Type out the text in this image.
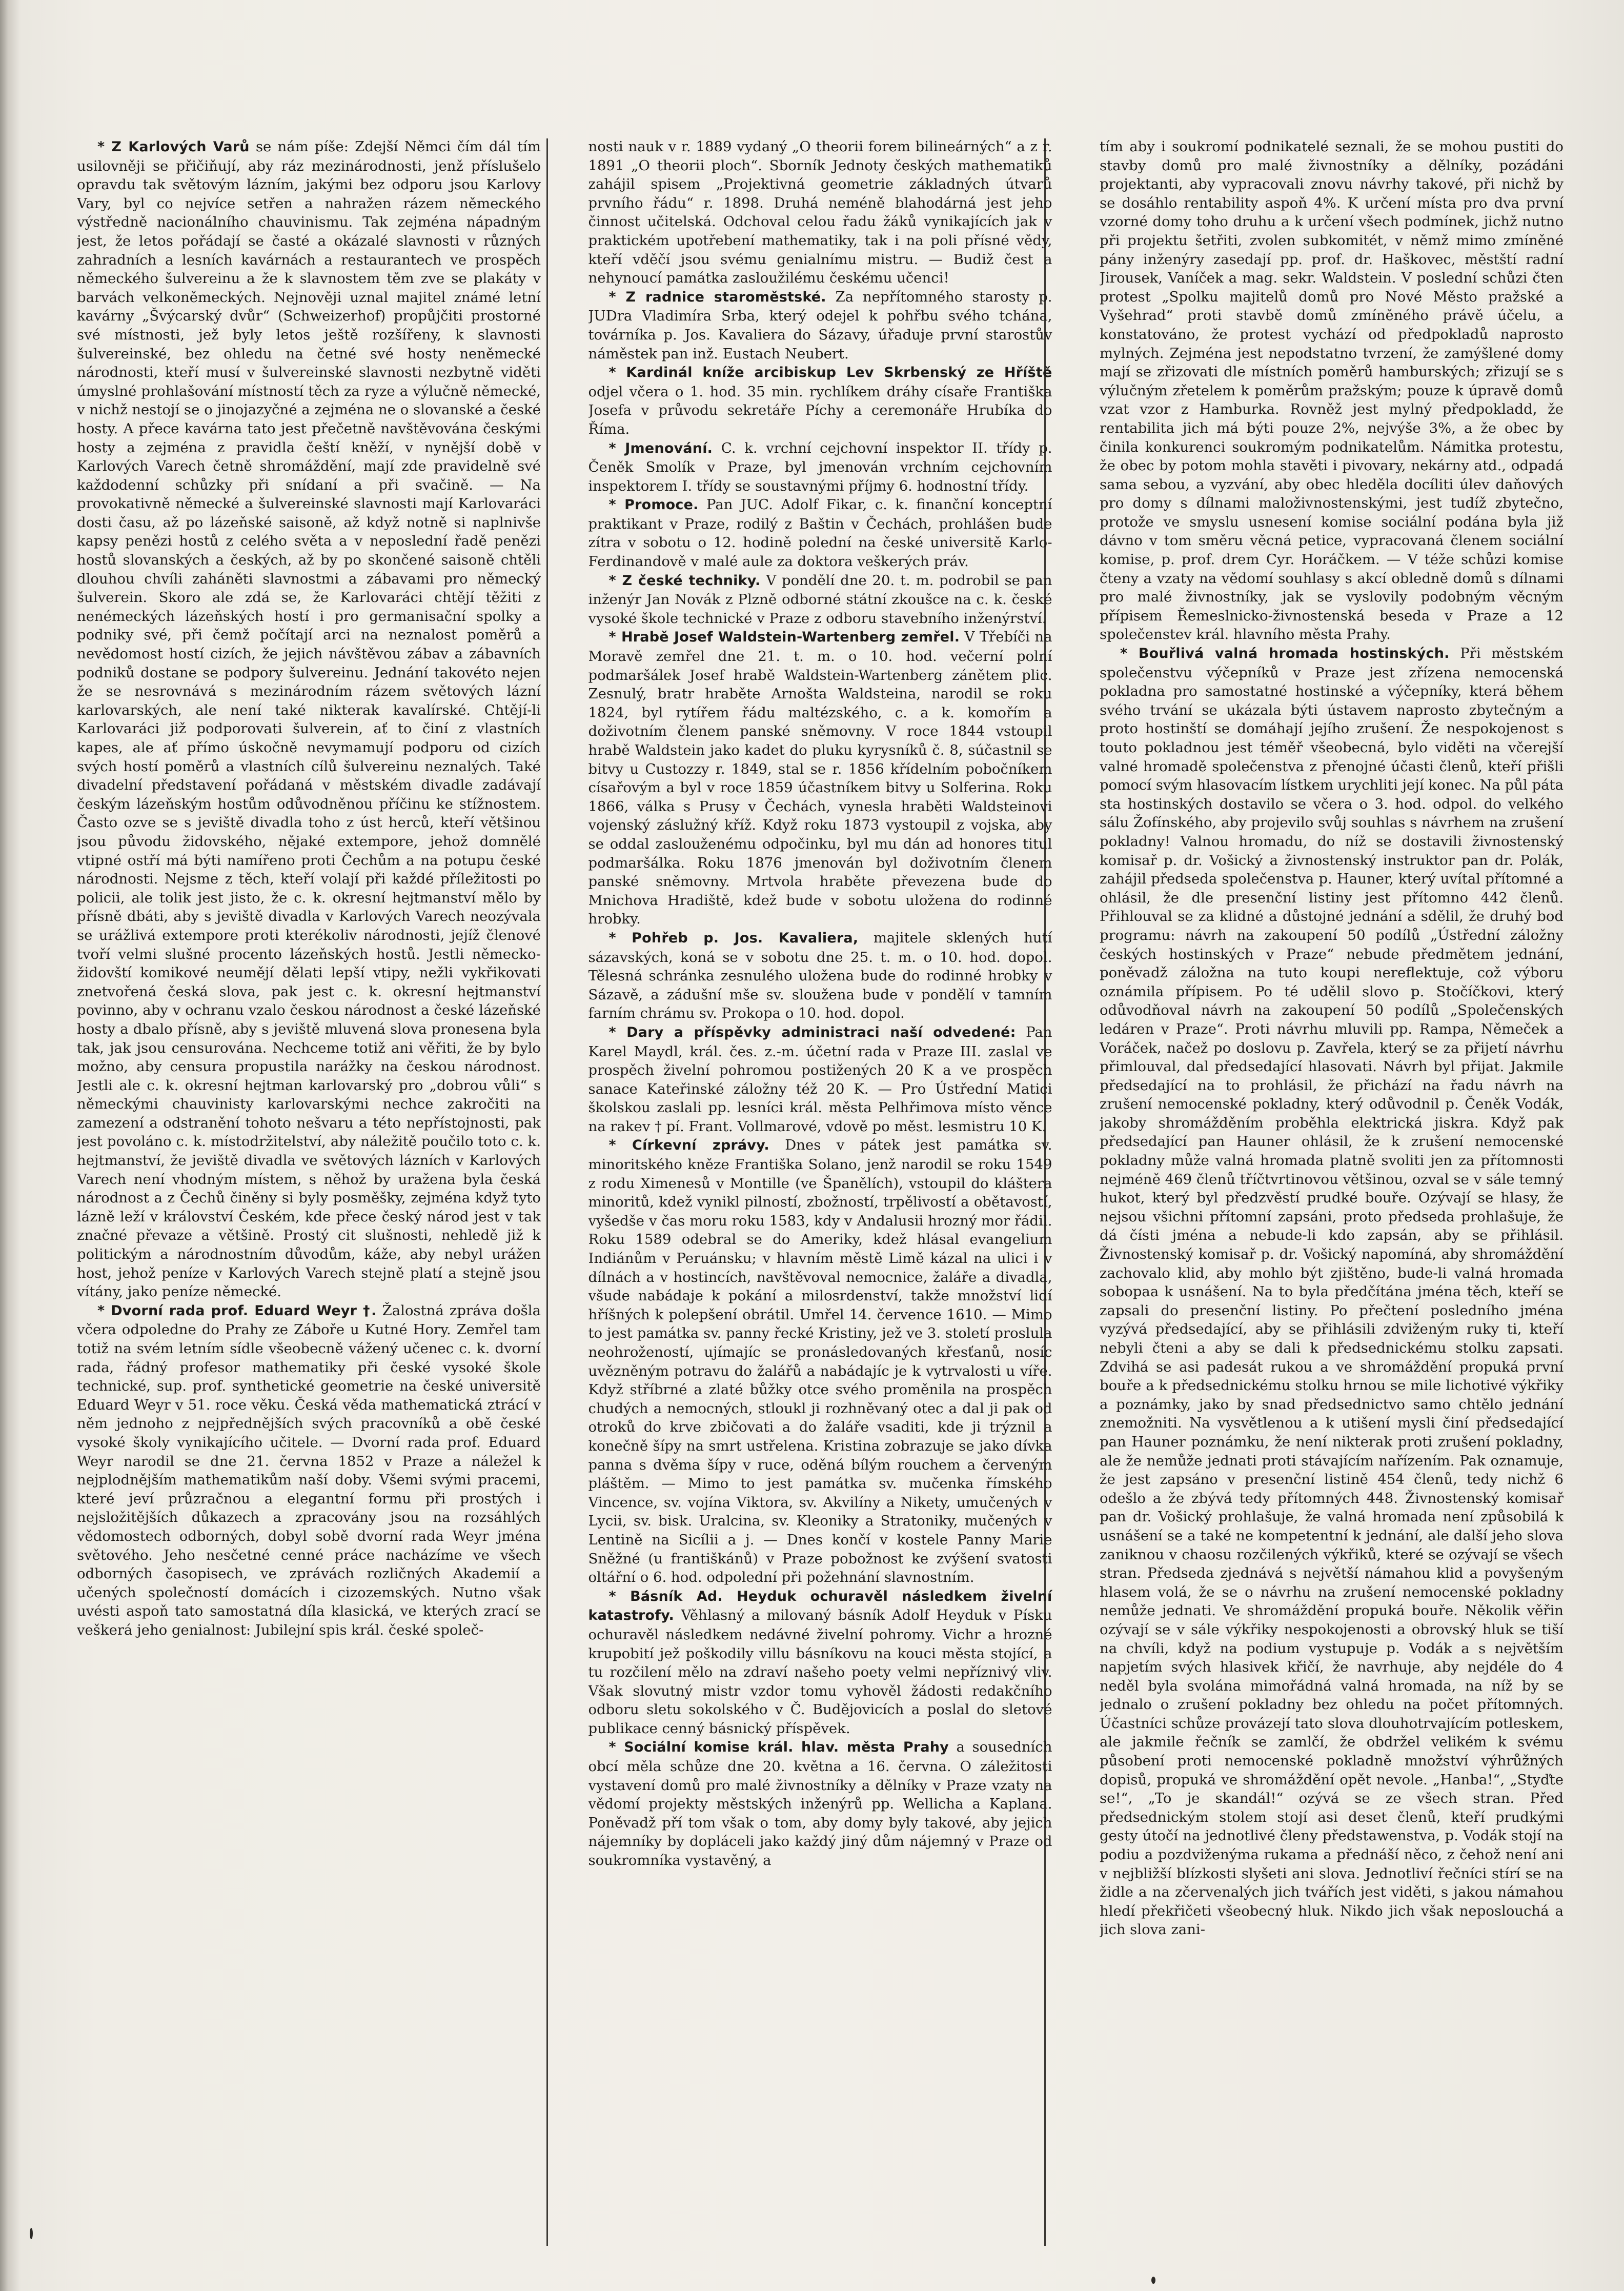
* Z Karlových Varů se nám píše: Zdejší Němci čím dál tím usilovněji se přičiňují, aby ráz mezinárodnosti, jenž příslušelo opravdu tak světovým lázním, jakými bez odporu jsou Karlovy Vary, byl co nejvíce setřen a nahražen rázem německého výstředně nacionálního chauvinismu. Tak zejména nápadným jest, že letos pořádají se časté a okázalé slavnosti v různých zahradních a lesních kavárnách a restaurantech ve prospěch německého šulvereinu a že k slavnostem těm zve se plakáty v barvách velkoněmeckých. Nejnověji uznal majitel známé letní kavárny „Švýcarský dvůr“ (Schweizerhof) propůjčiti prostorné své místnosti, jež byly letos ještě rozšířeny, k slavnosti šulvereinské, bez ohledu na četné své hosty neněmecké národnosti, kteří musí v šulvereinské slavnosti nezbytně viděti úmyslné prohlašování místností těch za ryze a výlučně německé, v nichž nestojí se o jinojazyčné a zejména ne o slovanské a české hosty. A přece kavárna tato jest přečetně navštěvována českými hosty a zejména z pravidla čeští kněží, v nynější době v Karlových Varech četně shromáždění, mají zde pravidelně své každodenní schůzky při snídaní a při svačině. — Na provokativně německé a šulvereinské slavnosti mají Karlovaráci dosti času, až po lázeňské saisoně, až když notně si naplnivše kapsy penězi hostů z celého světa a v neposlední řadě penězi hostů slovanských a českých, až by po skončené saisoně chtěli dlouhou chvíli zaháněti slavnostmi a zábavami pro německý šulverein. Skoro ale zdá se, že Karlovaráci chtějí těžiti z nenémeckých lázeňských hostí i pro germanisační spolky a podniky své, při čemž počítají arci na neznalost poměrů a nevědomost hostí cizích, že jejich návštěvou zábav a zábavních podniků dostane se podpory šulvereinu. Jednání takovéto nejen že se nesrovnává s mezinárodním rázem světových lázní karlovarských, ale není také nikterak kavalírské. Chtějí-li Karlovaráci již podporovati šulverein, ať to činí z vlastních kapes, ale ať přímo úskočně nevymamují podporu od cizích svých hostí poměrů a vlastních cílů šulvereinu neznalých. Také divadelní představení pořádaná v městském divadle zadávají českým lázeňským hostům odůvodněnou příčinu ke stížnostem. Často ozve se s jeviště divadla toho z úst herců, kteří většinou jsou původu židovského, nějaké extempore, jehož domnělé vtipné ostří má býti namířeno proti Čechům a na potupu české národnosti. Nejsme z těch, kteří volají při každé příležitosti po policii, ale tolik jest jisto, že c. k. okresní hejtmanství mělo by přísně dbáti, aby s jeviště divadla v Karlových Varech neozývala se urážlivá extempore proti kterékoliv národnosti, jejíž členové tvoří velmi slušné procento lázeňských hostů. Jestli německo-židovští komikové neumějí dělati lepší vtipy, nežli vykřikovati znetvořená česká slova, pak jest c. k. okresní hejtmanství povinno, aby v ochranu vzalo českou národnost a české lázeňské hosty a dbalo přísně, aby s jeviště mluvená slova pronesena byla tak, jak jsou censurována. Nechceme totiž ani věřiti, že by bylo možno, aby censura propustila narážky na českou národnost. Jestli ale c. k. okresní hejtman karlovarský pro „dobrou vůli“ s německými chauvinisty karlovarskými nechce zakročiti na zamezení a odstranění tohoto nešvaru a této nepřístojnosti, pak jest povoláno c. k. místodržitelství, aby náležitě poučilo toto c. k. hejtmanství, že jeviště divadla ve světových lázních v Karlových Varech není vhodným místem, s něhož by uražena byla česká národnost a z Čechů činěny si byly posměšky, zejména když tyto lázně leží v království Českém, kde přece český národ jest v tak značné převaze a většině. Prostý cit slušnosti, nehledě již k politickým a národnostním důvodům, káže, aby nebyl urážen host, jehož peníze v Karlových Varech stejně platí a stejně jsou vítány, jako peníze německé.

* Dvorní rada prof. Eduard Weyr †. Žalostná zpráva došla včera odpoledne do Prahy ze Záboře u Kutné Hory. Zemřel tam totiž na svém letním sídle všeobecně vážený učenec c. k. dvorní rada, řádný profesor mathematiky při české vysoké škole technické, sup. prof. synthetické geometrie na české universitě Eduard Weyr v 51. roce věku. Česká věda mathematická ztrácí v něm jednoho z nejpřednějších svých pracovníků a obě české vysoké školy vynikajícího učitele. — Dvorní rada prof. Eduard Weyr narodil se dne 21. června 1852 v Praze a náležel k nejplodnějším mathematikům naší doby. Všemi svými pracemi, které jeví průzračnou a elegantní formu při prostých i nejsložitějších důkazech a zpracovány jsou na rozsáhlých vědomostech odborných, dobyl sobě dvorní rada Weyr jména světového. Jeho nesčetné cenné práce nacházíme ve všech odborných časopisech, ve zprávách rozličných Akademií a učených společností domácích i cizozemských. Nutno však uvésti aspoň tato samostatná díla klasická, ve kterých zrací se veškerá jeho genialnost: Jubilejní spis král. české společ-

nosti nauk v r. 1889 vydaný „O theorii forem bilineárných“ a z r. 1891 „O theorii ploch“. Sborník Jednoty českých mathematiků zahájil spisem „Projektivná geometrie základných útvarů prvního řádu“ r. 1898. Druhá neméně blahodárná jest jeho činnost učitelská. Odchoval celou řadu žáků vynikajících jak v praktickém upotřebení mathematiky, tak i na poli přísné vědy, kteří vděčí jsou svému genialnímu mistru. — Budiž čest a nehynoucí památka zasloužilému českému učenci!

* Z radnice staroměstské. Za nepřítomného starosty p. JUDra Vladimíra Srba, který odejel k pohřbu svého tchána, továrníka p. Jos. Kavaliera do Sázavy, úřaduje první starostův náměstek pan inž. Eustach Neubert.

* Kardinál kníže arcibiskup Lev Skrbenský ze Hříště odjel včera o 1. hod. 35 min. rychlíkem dráhy císaře Františka Josefa v průvodu sekretáře Píchy a ceremonáře Hrubíka do Říma.

* Jmenování. C. k. vrchní cejchovní inspektor II. třídy p. Čeněk Smolík v Praze, byl jmenován vrchním cejchovním inspektorem I. třídy se soustavnými příjmy 6. hodnostní třídy.

* Promoce. Pan JUC. Adolf Fikar, c. k. finanční konceptní praktikant v Praze, rodilý z Baštin v Čechách, prohlášen bude zítra v sobotu o 12. hodině polední na české universitě Karlo-Ferdinandově v malé aule za doktora veškerých práv.

* Z české techniky. V pondělí dne 20. t. m. podrobil se pan inženýr Jan Novák z Plzně odborné státní zkoušce na c. k. české vysoké škole technické v Praze z odboru stavebního inženýrství.

* Hrabě Josef Waldstein-Wartenberg zemřel. V Třebíči na Moravě zemřel dne 21. t. m. o 10. hod. večerní polní podmaršálek Josef hrabě Waldstein-Wartenberg zánětem plic. Zesnulý, bratr hraběte Arnošta Waldsteina, narodil se roku 1824, byl rytířem řádu maltézského, c. a k. komořím a doživotním členem panské sněmovny. V roce 1844 vstoupil hrabě Waldstein jako kadet do pluku kyrysníků č. 8, súčastnil se bitvy u Custozzy r. 1849, stal se r. 1856 křídelním pobočníkem císařovým a byl v roce 1859 účastníkem bitvy u Solferina. Roku 1866, válka s Prusy v Čechách, vynesla hraběti Waldsteinovi vojenský záslužný kříž. Když roku 1873 vystoupil z vojska, aby se oddal zaslouženému odpočinku, byl mu dán ad honores titul podmaršálka. Roku 1876 jmenován byl doživotním členem panské sněmovny. Mrtvola hraběte převezena bude do Mnichova Hradiště, kdež bude v sobotu uložena do rodinné hrobky.

* Pohřeb p. Jos. Kavaliera, majitele sklených hutí sázavských, koná se v sobotu dne 25. t. m. o 10. hod. dopol. Tělesná schránka zesnulého uložena bude do rodinné hrobky v Sázavě, a zádušní mše sv. sloužena bude v pondělí v tamním farním chrámu sv. Prokopa o 10. hod. dopol.

* Dary a příspěvky administraci naší odvedené: Pan Karel Maydl, král. čes. z.-m. účetní rada v Praze III. zaslal ve prospěch živelní pohromou postižených 20 K a ve prospěch sanace Kateřinské záložny též 20 K. — Pro Ústřední Matici školskou zaslali pp. lesníci král. města Pelhřimova místo věnce na rakev † pí. Frant. Vollmarové, vdově po měst. lesmistru 10 K.

* Církevní zprávy. Dnes v pátek jest památka sv. minoritského kněze Františka Solano, jenž narodil se roku 1549 z rodu Ximenesů v Montille (ve Španělích), vstoupil do kláštera minoritů, kdež vynikl pilností, zbožností, trpělivostí a obětavostí, vyšedše v čas moru roku 1583, kdy v Andalusii hrozný mor řádil. Roku 1589 odebral se do Ameriky, kdež hlásal evangelium Indiánům v Peruánsku; v hlavním městě Limě kázal na ulici i v dílnách a v hostincích, navštěvoval nemocnice, žaláře a divadla, všude nabádaje k pokání a milosrdenství, takže množství lidí hříšných k polepšení obrátil. Umřel 14. července 1610. — Mimo to jest památka sv. panny řecké Kristiny, jež ve 3. století proslula neohrožeností, ujímajíc se pronásledovaných křesťanů, nosíc uvězněným potravu do žalářů a nabádajíc je k vytrvalosti u víře. Když stříbrné a zlaté bůžky otce svého proměnila na prospěch chudých a nemocných, stloukl ji rozhněvaný otec a dal ji pak od otroků do krve zbičovati a do žaláře vsaditi, kde ji trýznil a konečně šípy na smrt ustřelena. Kristina zobrazuje se jako dívka panna s dvěma šípy v ruce, oděná bílým rouchem a červeným pláštěm. — Mimo to jest památka sv. mučenka římského Vincence, sv. vojína Viktora, sv. Akvilíny a Nikety, umučených v Lycii, sv. bisk. Uralcina, sv. Kleoniky a Stratoniky, mučených v Lentině na Sicílii a j. — Dnes končí v kostele Panny Marie Sněžné (u františkánů) v Praze pobožnost ke zvýšení svatosti oltářní o 6. hod. odpolední při požehnání slavnostním.

* Básník Ad. Heyduk ochuravěl následkem živelní katastrofy. Věhlasný a milovaný básník Adolf Heyduk v Písku ochuravěl následkem nedávné živelní pohromy. Vichr a hrozné krupobití jež poškodily villu básníkovu na kouci města stojící, a tu rozčilení mělo na zdraví našeho poety velmi nepříznivý vliv. Však slovutný mistr vzdor tomu vyhověl žádosti redakčního odboru sletu sokolského v Č. Budějovicích a poslal do sletové publikace cenný básnický příspěvek.

* Sociální komise král. hlav. města Prahy a sousedních obcí měla schůze dne 20. května a 16. června. O záležitosti vystavení domů pro malé živnostníky a dělníky v Praze vzaty na vědomí projekty městských inženýrů pp. Wellicha a Kaplana. Poněvadž pří tom však o tom, aby domy byly takové, aby jejich nájemníky by dopláceli jako každý jiný dům nájemný v Praze od soukromníka vystavěný, a

tím aby i soukromí podnikatelé seznali, že se mohou pustiti do stavby domů pro malé živnostníky a dělníky, pozádáni projektanti, aby vypracovali znovu návrhy takové, při nichž by se dosáhlo rentability aspoň 4%. K určení místa pro dva první vzorné domy toho druhu a k určení všech podmínek, jichž nutno při projektu šetřiti, zvolen subkomitét, v němž mimo zmíněné pány inženýry zasedají pp. prof. dr. Haškovec, městští radní Jirousek, Vaníček a mag. sekr. Waldstein. V poslední schůzi čten protest „Spolku majitelů domů pro Nové Město pražské a Vyšehrad“ proti stavbě domů zmíněného právě účelu, a konstatováno, že protest vychází od předpokladů naprosto mylných. Zejména jest nepodstatno tvrzení, že zamýšlené domy mají se zřizovati dle místních poměrů hamburských; zřizují se s výlučným zřetelem k poměrům pražským; pouze k úpravě domů vzat vzor z Hamburka. Rovněž jest mylný předpokladd, že rentabilita jich má býti pouze 2%, nejvýše 3%, a že obec by činila konkurenci soukromým podnikatelům. Námitka protestu, že obec by potom mohla stavěti i pivovary, nekárny atd., odpadá sama sebou, a vyzvání, aby obec hleděla docíliti úlev daňových pro domy s dílnami maloživnostenskými, jest tudíž zbytečno, protože ve smyslu usnesení komise sociální podána byla již dávno v tom směru věcná petice, vypracovaná členem sociální komise, p. prof. drem Cyr. Horáčkem. — V téže schůzi komise čteny a vzaty na vědomí souhlasy s akcí obledně domů s dílnami pro malé živnostníky, jak se vyslovily podobným věcným přípisem Řemeslnicko-živnostenská beseda v Praze a 12 společenstev král. hlavního města Prahy.

* Bouřlivá valná hromada hostinských. Při městském společenstvu výčepníků v Praze jest zřízena nemocenská pokladna pro samostatné hostinské a výčepníky, která během svého trvání se ukázala býti ústavem naprosto zbytečným a proto hostinští se domáhají jejího zrušení. Že nespokojenost s touto pokladnou jest téměř všeobecná, bylo viděti na včerejší valné hromadě společenstva z přenojné účasti členů, kteří přišli pomocí svým hlasovacím lístkem urychliti její konec. Na půl páta sta hostinských dostavilo se včera o 3. hod. odpol. do velkého sálu Žofínského, aby projevilo svůj souhlas s návrhem na zrušení pokladny! Valnou hromadu, do níž se dostavili živnostenský komisař p. dr. Vošický a živnostenský instruktor pan dr. Polák, zahájil předseda společenstva p. Hauner, který uvítal přítomné a ohlásil, že dle presenční listiny jest přítomno 442 členů. Přihlouval se za klidné a důstojné jednání a sdělil, že druhý bod programu: návrh na zakoupení 50 podílů „Ústřední záložny českých hostinských v Praze“ nebude předmětem jednání, poněvadž záložna na tuto koupi nereflektuje, což výboru oznámila přípisem. Po té udělil slovo p. Stočíčkovi, který odůvodňoval návrh na zakoupení 50 podílů „Společenských ledáren v Praze“. Proti návrhu mluvili pp. Rampa, Němeček a Voráček, načež po doslovu p. Zavřela, který se za přijetí návrhu přimlouval, dal předsedající hlasovati. Návrh byl přijat. Jakmile předsedající na to prohlásil, že přichází na řadu návrh na zrušení nemocenské pokladny, který odůvodnil p. Čeněk Vodák, jakoby shromážděním proběhla elektrická jiskra. Když pak předsedající pan Hauner ohlásil, že k zrušení nemocenské pokladny může valná hromada platně svoliti jen za přítomnosti nejméně 469 členů tříčtvrtinovou většinou, ozval se v sále temný hukot, který byl předzvěstí prudké bouře. Ozývají se hlasy, že nejsou všichni přítomní zapsáni, proto předseda prohlašuje, že dá čísti jména a nebude-li kdo zapsán, aby se přihlásil. Živnostenský komisař p. dr. Vošický napomíná, aby shromáždění zachovalo klid, aby mohlo být zjištěno, bude-li valná hromada sobopaa k usnášení. Na to byla předčítána jména těch, kteří se zapsali do presenční listiny. Po přečtení posledního jména vyzývá předsedající, aby se přihlásili zdviženým ruky ti, kteří nebyli čteni a aby se dali k předsednickému stolku zapsati. Zdvihá se asi padesát rukou a ve shromáždění propuká první bouře a k předsednickému stolku hrnou se mile lichotivé výkřiky a poznámky, jako by snad předsednictvo samo chtělo jednání znemožniti. Na vysvětlenou a k utišení mysli činí předsedající pan Hauner poznámku, že není nikterak proti zrušení pokladny, ale že nemůže jednati proti stávajícím nařízením. Pak oznamuje, že jest zapsáno v presenční listině 454 členů, tedy nichž 6 odešlo a že zbývá tedy přítomných 448. Živnostenský komisař pan dr. Vošický prohlašuje, že valná hromada není způsobilá k usnášení se a také ne kompetentní k jednání, ale další jeho slova zaniknou v chaosu rozčilených výkřiků, které se ozývají se všech stran. Předseda zjednává s největší námahou klid a povyšeným hlasem volá, že se o návrhu na zrušení nemocenské pokladny nemůže jednati. Ve shromáždění propuká bouře. Několik věřin ozývají se v sále výkřiky nespokojenosti a obrovský hluk se tiší na chvíli, když na podium vystupuje p. Vodák a s největším napjetím svých hlasivek křičí, že navrhuje, aby nejdéle do 4 neděl byla svolána mimořádná valná hromada, na níž by se jednalo o zrušení pokladny bez ohledu na počet přítomných. Účastníci schůze provázejí tato slova dlouhotrvajícím potleskem, ale jakmile řečník se zamlčí, že obdržel velikém k svému působení proti nemocenské pokladně množství výhrůžných dopisů, propuká ve shromáždění opět nevole. „Hanba!“, „Styďte se!“, „To je skandál!“ ozývá se ze všech stran. Před předsednickým stolem stojí asi deset členů, kteří prudkými gesty útočí na jednotlivé členy předstawenstva, p. Vodák stojí na podiu a pozdviženýma rukama a přednáší něco, z čehož není ani v nejbližší blízkosti slyšeti ani slova. Jednotliví řečníci stírí se na židle a na zčervenalých jich tvářích jest viděti, s jakou námahou hledí překřičeti všeobecný hluk. Nikdo jich však neposlouchá a jich slova zani-
